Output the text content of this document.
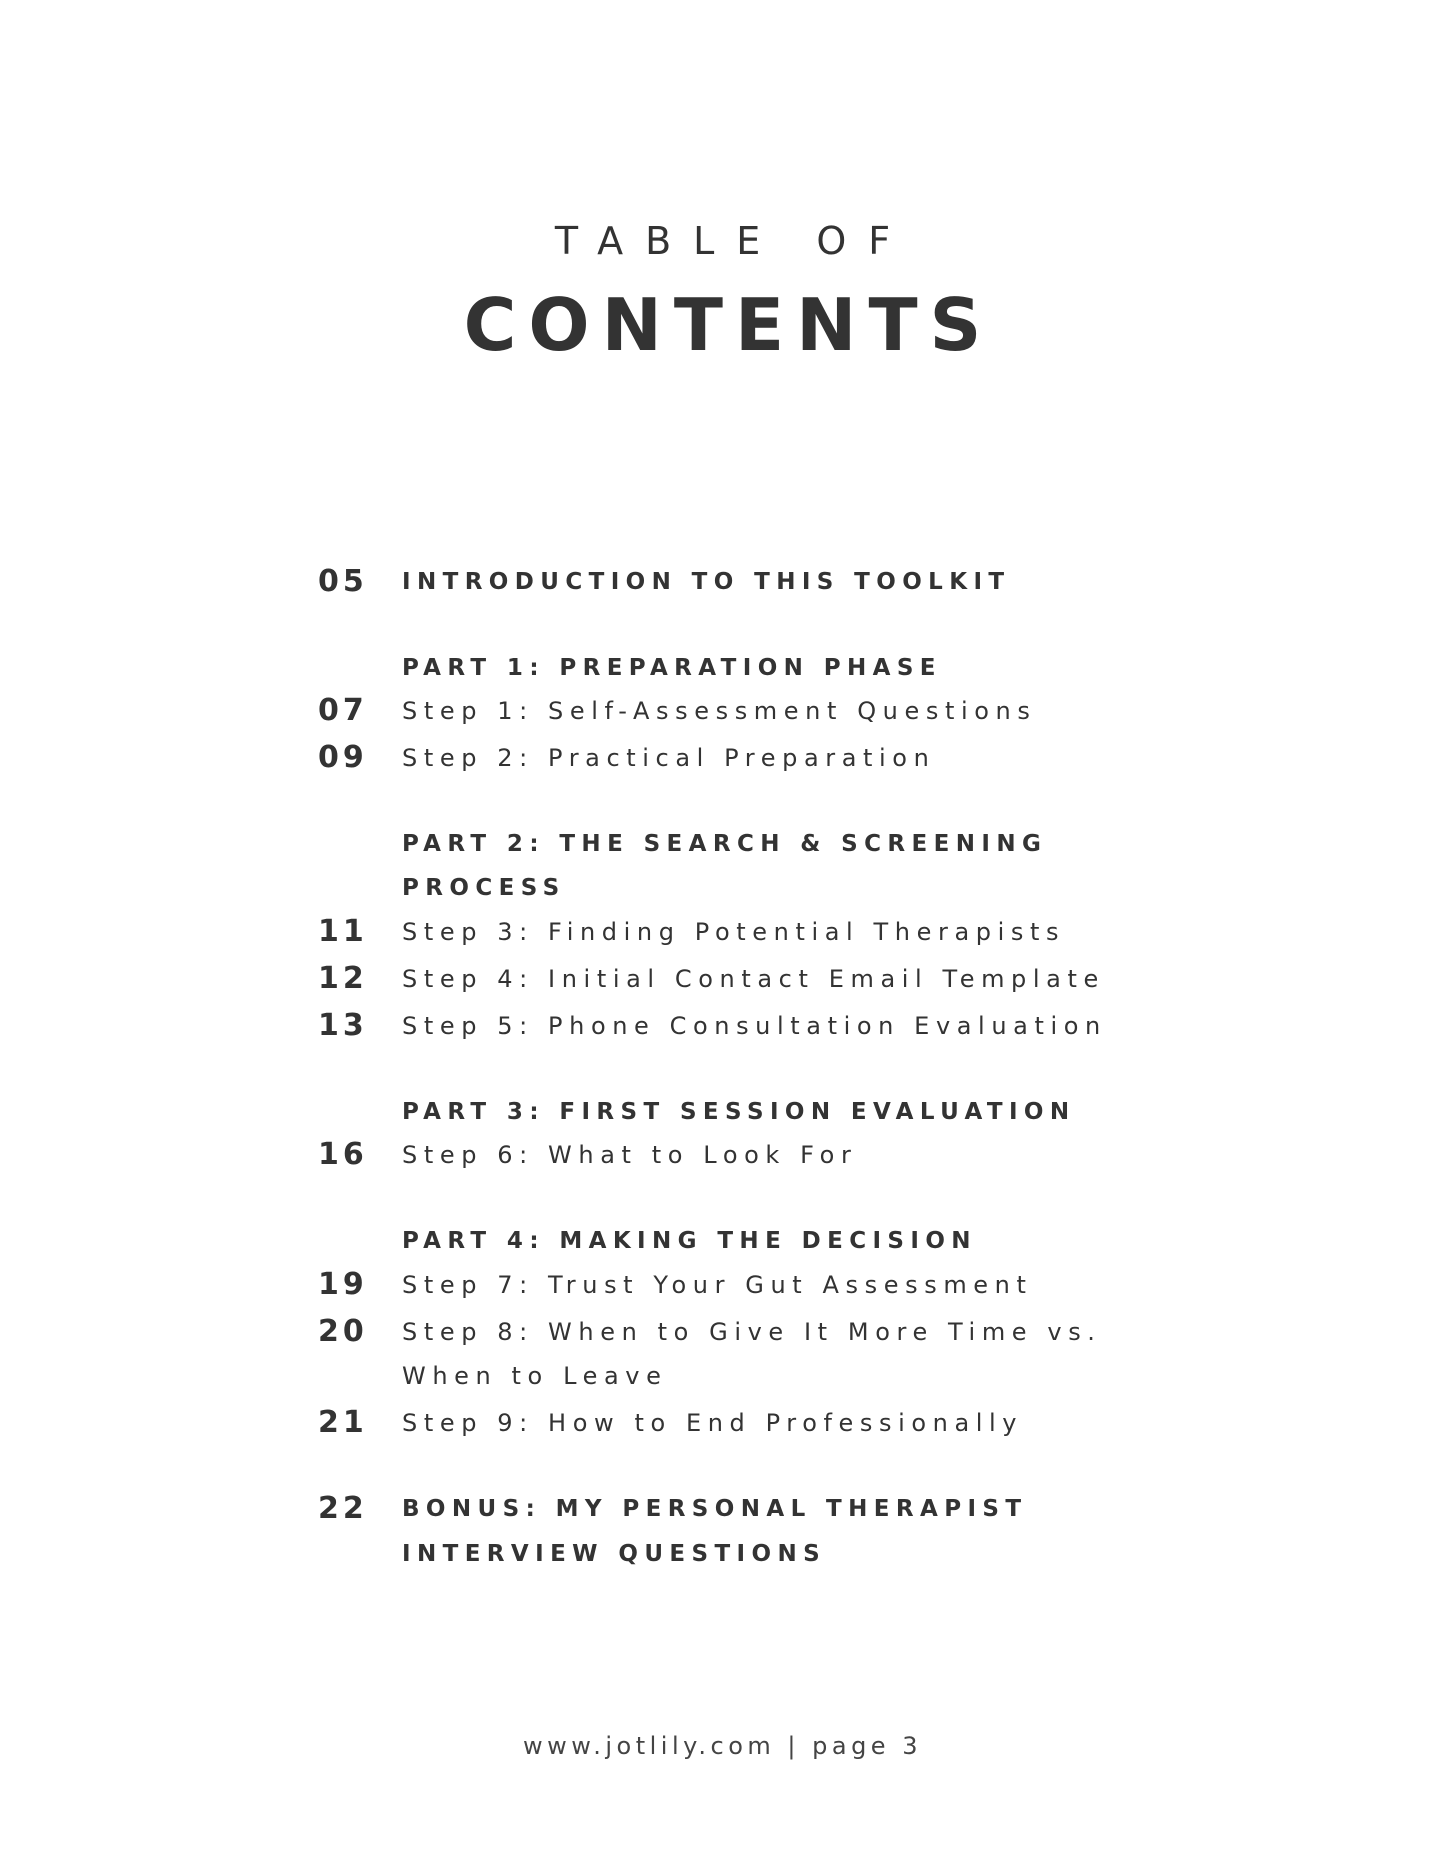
TABLE OF
CONTENTS
05	INTRODUCTION TO THIS TOOLKIT
PART 1: PREPARATION PHASE
07	Step 1: Self-Assessment Questions
09	Step 2: Practical Preparation
PART 2: THE SEARCH & SCREENING
PROCESS
11	Step 3: Finding Potential Therapists
12	Step 4: Initial Contact Email Template
13	Step 5: Phone Consultation Evaluation
PART 3: FIRST SESSION EVALUATION
16	Step 6: What to Look For
PART 4: MAKING THE DECISION
19	Step 7: Trust Your Gut Assessment
20	Step 8: When to Give It More Time vs.
When to Leave
21	Step 9: How to End Professionally
22	BONUS: MY PERSONAL THERAPIST
INTERVIEW QUESTIONS
www.jotlily.com | page 3
